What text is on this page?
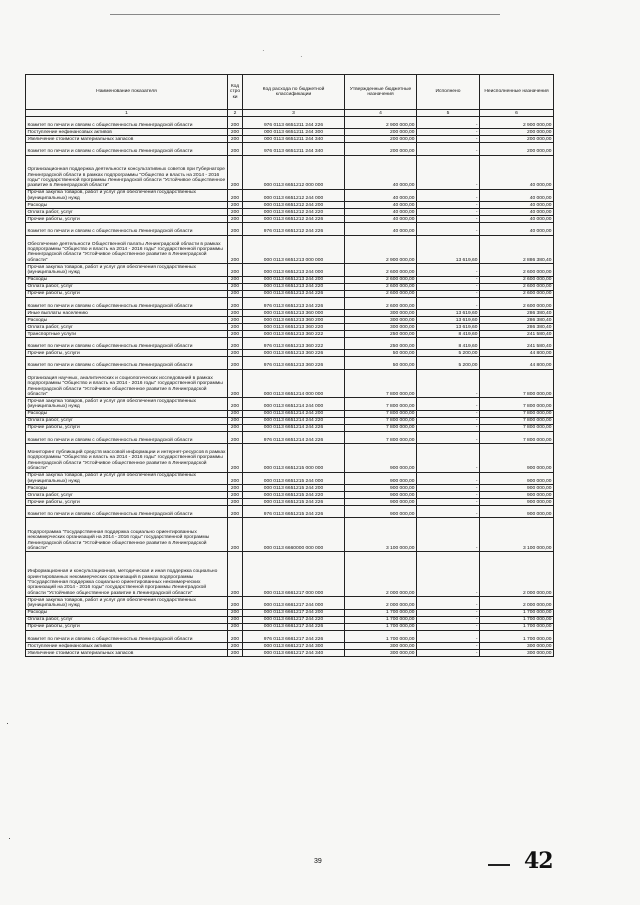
·
·
·
·
Наименование показателя	Код стро ки	Код расхода по бюджетной классификации	Утвержденные бюджетные назначения	Исполнено	Неисполненные назначения
1	2	3	4	5	6
Комитет по печати и связям с общественностью Ленинградской области	200	976 0113 6651211 244 226	2 900 000,00	-	2 900 000,00
Поступление нефинансовых активов	200	000 0113 6651211 244 300	200 000,00	-	200 000,00
Увеличение стоимости материальных запасов	200	000 0113 6651211 244 340	200 000,00	-	200 000,00
Комитет по печати и связям с общественностью Ленинградской области	200	976 0113 6651211 244 340	200 000,00	-	200 000,00
Организационная поддержка деятельности консультативных советов при Губернаторе Ленинградской области в рамках подпрограммы "Общество и власть на 2014 - 2016 годы" государственной программы Ленинградской области "Устойчивое общественное развитие в Ленинградской области"	200	000 0113 6651212 000 000	40 000,00	-	40 000,00
Прочая закупка товаров, работ и услуг для обеспечения государственных (муниципальных) нужд	200	000 0113 6651212 244 000	40 000,00	-	40 000,00
Расходы	200	000 0113 6651212 244 200	40 000,00	-	40 000,00
Оплата работ, услуг	200	000 0113 6651212 244 220	40 000,00	-	40 000,00
Прочие работы, услуги	200	000 0113 6651212 244 226	40 000,00	-	40 000,00
Комитет по печати и связям с общественностью Ленинградской области	200	976 0113 6651212 244 226	40 000,00	-	40 000,00
Обеспечение деятельности Общественной палаты Ленинградской области в рамках подпрограммы "Общество и власть на 2014 - 2016 годы" государственной программы Ленинградской области "Устойчивое общественное развитие в Ленинградской области"	200	000 0113 6651213 000 000	2 900 000,00	13 619,60	2 886 380,40
Прочая закупка товаров, работ и услуг для обеспечения государственных (муниципальных) нужд	200	000 0113 6651213 244 000	2 600 000,00	-	2 600 000,00
Расходы	200	000 0113 6651213 244 200	2 600 000,00	-	2 600 000,00
Оплата работ, услуг	200	000 0113 6651213 244 220	2 600 000,00	-	2 600 000,00
Прочие работы, услуги	200	000 0113 6651213 244 226	2 600 000,00	-	2 600 000,00
Комитет по печати и связям с общественностью Ленинградской области	200	976 0113 6651213 244 226	2 600 000,00	-	2 600 000,00
Иные выплаты населению	200	000 0113 6651213 360 000	300 000,00	13 619,60	286 380,40
Расходы	200	000 0113 6651213 360 200	300 000,00	13 619,60	286 380,40
Оплата работ, услуг	200	000 0113 6651213 360 220	300 000,00	13 619,60	286 380,40
Транспортные услуги	200	000 0113 6651213 360 222	250 000,00	8 419,60	241 580,40
Комитет по печати и связям с общественностью Ленинградской области	200	976 0113 6651213 360 222	250 000,00	8 419,60	241 580,40
Прочие работы, услуги	200	000 0113 6651213 360 226	50 000,00	5 200,00	44 800,00
Комитет по печати и связям с общественностью Ленинградской области	200	976 0113 6651213 360 226	50 000,00	5 200,00	44 800,00
Организация научных, аналитических и социологических исследований в рамках подпрограммы "Общество и власть на 2014 - 2016 годы" государственной программы Ленинградской области "Устойчивое общественное развитие в Ленинградской области"	200	000 0113 6651214 000 000	7 800 000,00	-	7 800 000,00
Прочая закупка товаров, работ и услуг для обеспечения государственных (муниципальных) нужд	200	000 0113 6651214 244 000	7 800 000,00	-	7 800 000,00
Расходы	200	000 0113 6651214 244 200	7 800 000,00	-	7 800 000,00
Оплата работ, услуг	200	000 0113 6651214 244 220	7 800 000,00	-	7 800 000,00
Прочие работы, услуги	200	000 0113 6651214 244 226	7 800 000,00	-	7 800 000,00
Комитет по печати и связям с общественностью Ленинградской области	200	976 0113 6651214 244 226	7 800 000,00	-	7 800 000,00
Мониторинг публикаций средств массовой информации и интернет-ресурсов в рамках подпрограммы "Общество и власть на 2014 - 2016 годы" государственной программы Ленинградской области "Устойчивое общественное развитие в Ленинградской области"	200	000 0113 6651215 000 000	900 000,00	-	900 000,00
Прочая закупка товаров, работ и услуг для обеспечения государственных (муниципальных) нужд	200	000 0113 6651215 244 000	900 000,00	-	900 000,00
Расходы	200	000 0113 6651215 244 200	900 000,00	-	900 000,00
Оплата работ, услуг	200	000 0113 6651215 244 220	900 000,00	-	900 000,00
Прочие работы, услуги	200	000 0113 6651215 244 226	900 000,00	-	900 000,00
Комитет по печати и связям с общественностью Ленинградской области	200	976 0113 6651215 244 226	900 000,00	-	900 000,00
Подпрограмма "Государственная поддержка социально ориентированных некоммерческих организаций на 2014 - 2016 годы" государственной программы Ленинградской области "Устойчивое общественное развитие в Ленинградской области"	200	000 0113 6660000 000 000	3 100 000,00	-	3 100 000,00
Информационная и консультационная, методическая и иная поддержка социально ориентированных некоммерческих организаций в рамках подпрограммы "Государственная поддержка социально ориентированных некоммерческих организаций на 2014 - 2016 годы" государственной программы Ленинградской области "Устойчивое общественное развитие в Ленинградской области"	200	000 0113 6661217 000 000	2 000 000,00	-	2 000 000,00
Прочая закупка товаров, работ и услуг для обеспечения государственных (муниципальных) нужд	200	000 0113 6661217 244 000	2 000 000,00	-	2 000 000,00
Расходы	200	000 0113 6661217 244 200	1 700 000,00	-	1 700 000,00
Оплата работ, услуг	200	000 0113 6661217 244 220	1 700 000,00	-	1 700 000,00
Прочие работы, услуги	200	000 0113 6661217 244 226	1 700 000,00	-	1 700 000,00
Комитет по печати и связям с общественностью Ленинградской области	200	976 0113 6661217 244 226	1 700 000,00	-	1 700 000,00
Поступление нефинансовых активов	200	000 0113 6661217 244 300	300 000,00	-	300 000,00
Увеличение стоимости материальных запасов	200	000 0113 6661217 244 340	300 000,00	-	300 000,00
39	42
